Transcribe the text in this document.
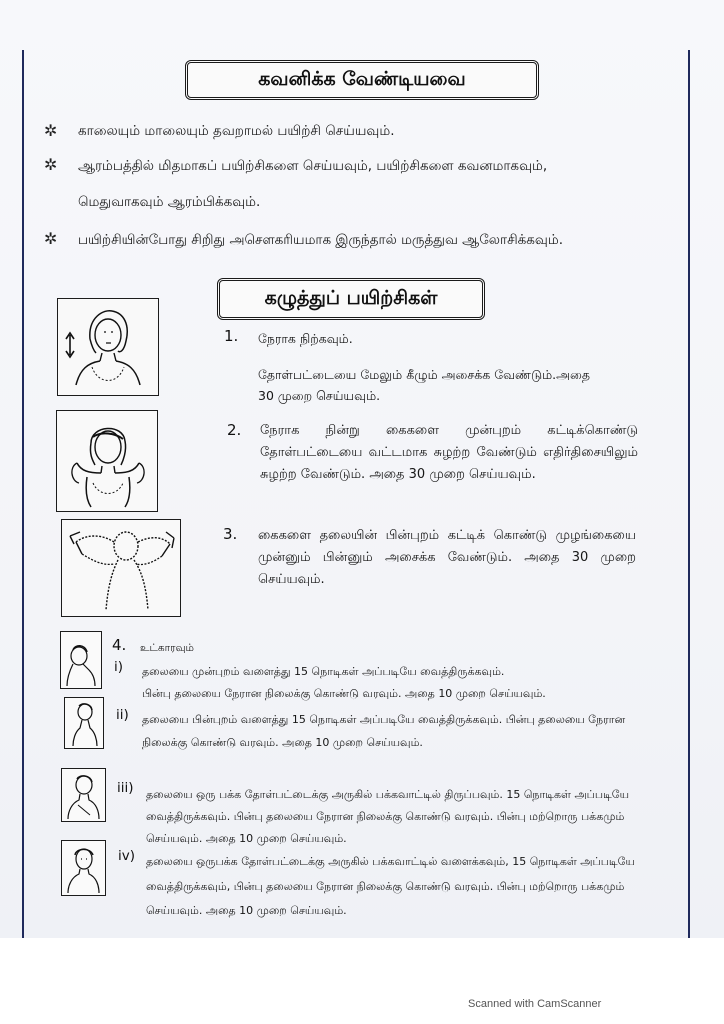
கவனிக்க வேண்டியவை
✲ காலையும் மாலையும் தவறாமல் பயிற்சி செய்யவும்.
✲ ஆரம்பத்தில் மிதமாகப் பயிற்சிகளை செய்யவும், பயிற்சிகளை கவனமாகவும்,
மெதுவாகவும் ஆரம்பிக்கவும்.
✲ பயிற்சியின்போது சிறிது அசௌகரியமாக இருந்தால் மருத்துவ ஆலோசிக்கவும்.
கழுத்துப் பயிற்சிகள்
1. நேராக நிற்கவும்.
தோள்பட்டையை மேலும் கீழும் அசைக்க வேண்டும்.அதை
30 முறை செய்யவும்.
2. நேராக நின்று கைகளை முன்புறம் கட்டிக்கொண்டு தோள்பட்டையை வட்டமாக சுழற்ற வேண்டும் எதிர்திசையிலும் சுழற்ற வேண்டும். அதை 30 முறை செய்யவும்.
3. கைகளை தலையின் பின்புறம் கட்டிக் கொண்டு முழங்கையை முன்னும் பின்னும் அசைக்க வேண்டும். அதை 30 முறை செய்யவும்.
4. உட்காரவும்
i) தலையை முன்புறம் வளைத்து 15 நொடிகள் அப்படியே வைத்திருக்கவும்.
பின்பு தலையை நேரான நிலைக்கு கொண்டு வரவும். அதை 10 முறை செய்யவும்.
ii) தலையை பின்புறம் வளைத்து 15 நொடிகள் அப்படியே வைத்திருக்கவும். பின்பு தலையை நேரான
நிலைக்கு கொண்டு வரவும். அதை 10 முறை செய்யவும்.
iii) தலையை ஒரு பக்க தோள்பட்டைக்கு அருகில் பக்கவாட்டில் திருப்பவும். 15 நொடிகள் அப்படியே
வைத்திருக்கவும். பின்பு தலையை நேரான நிலைக்கு கொண்டு வரவும். பின்பு மற்றொரு பக்கமும்
செய்யவும். அதை 10 முறை செய்யவும்.
iv) தலையை ஒருபக்க தோள்பட்டைக்கு அருகில் பக்கவாட்டில் வளைக்கவும், 15 நொடிகள் அப்படியே
வைத்திருக்கவும், பின்பு தலையை நேரான நிலைக்கு கொண்டு வரவும். பின்பு மற்றொரு பக்கமும்
செய்யவும். அதை 10 முறை செய்யவும்.
Scanned with CamScanner
